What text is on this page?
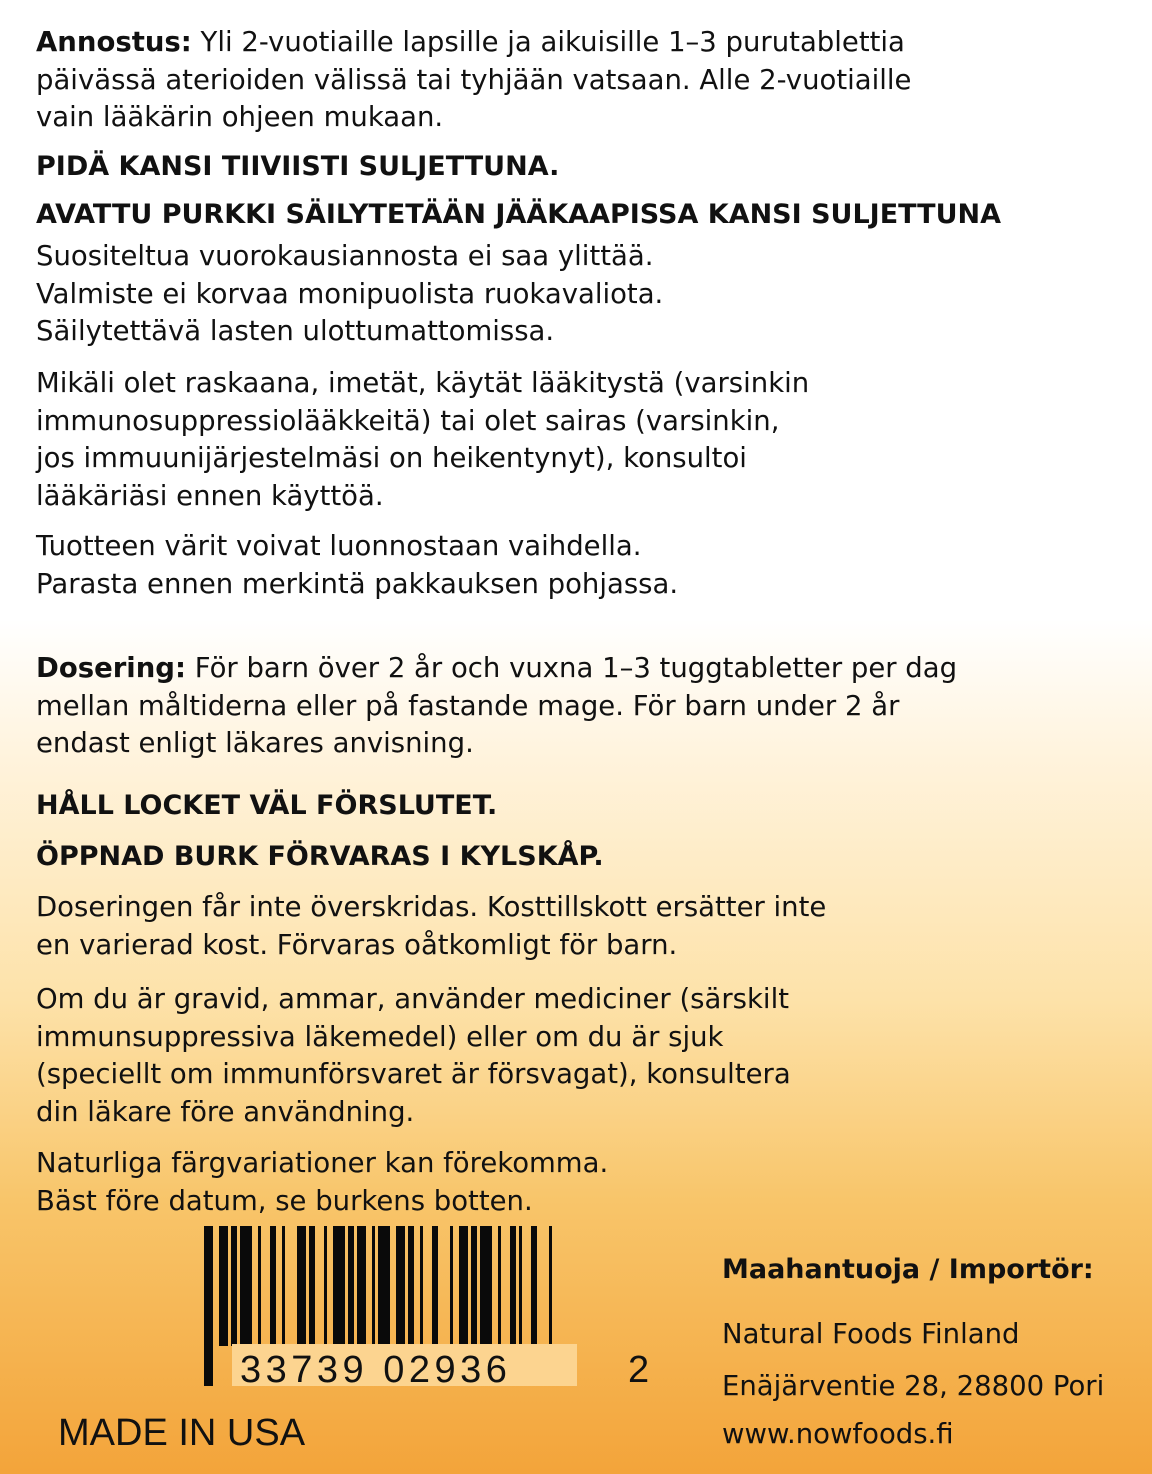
Annostus: Yli 2-vuotiaille lapsille ja aikuisille 1–3 purutablettia

päivässä aterioiden välissä tai tyhjään vatsaan. Alle 2-vuotiaille

vain lääkärin ohjeen mukaan.

PIDÄ KANSI TIIVIISTI SULJETTUNA.

AVATTU PURKKI SÄILYTETÄÄN JÄÄKAAPISSA KANSI SULJETTUNA

Suositeltua vuorokausiannosta ei saa ylittää.

Valmiste ei korvaa monipuolista ruokavaliota.

Säilytettävä lasten ulottumattomissa.

Mikäli olet raskaana, imetät, käytät lääkitystä (varsinkin

immunosuppressiolääkkeitä) tai olet sairas (varsinkin,

jos immuunijärjestelmäsi on heikentynyt), konsultoi

lääkäriäsi ennen käyttöä.

Tuotteen värit voivat luonnostaan vaihdella.

Parasta ennen merkintä pakkauksen pohjassa.

Dosering: För barn över 2 år och vuxna 1–3 tuggtabletter per dag

mellan måltiderna eller på fastande mage. För barn under 2 år

endast enligt läkares anvisning.

HÅLL LOCKET VÄL FÖRSLUTET.

ÖPPNAD BURK FÖRVARAS I KYLSKÅP.

Doseringen får inte överskridas. Kosttillskott ersätter inte

en varierad kost. Förvaras oåtkomligt för barn.

Om du är gravid, ammar, använder mediciner (särskilt

immunsuppressiva läkemedel) eller om du är sjuk

(speciellt om immunförsvaret är försvagat), konsultera

din läkare före användning.

Naturliga färgvariationer kan förekomma.

Bäst före datum, se burkens botten.

33739 02936	2
MADE IN USA
Maahantuoja / Importör:
Natural Foods Finland
Enäjärventie 28, 28800 Pori
www.nowfoods.fi
